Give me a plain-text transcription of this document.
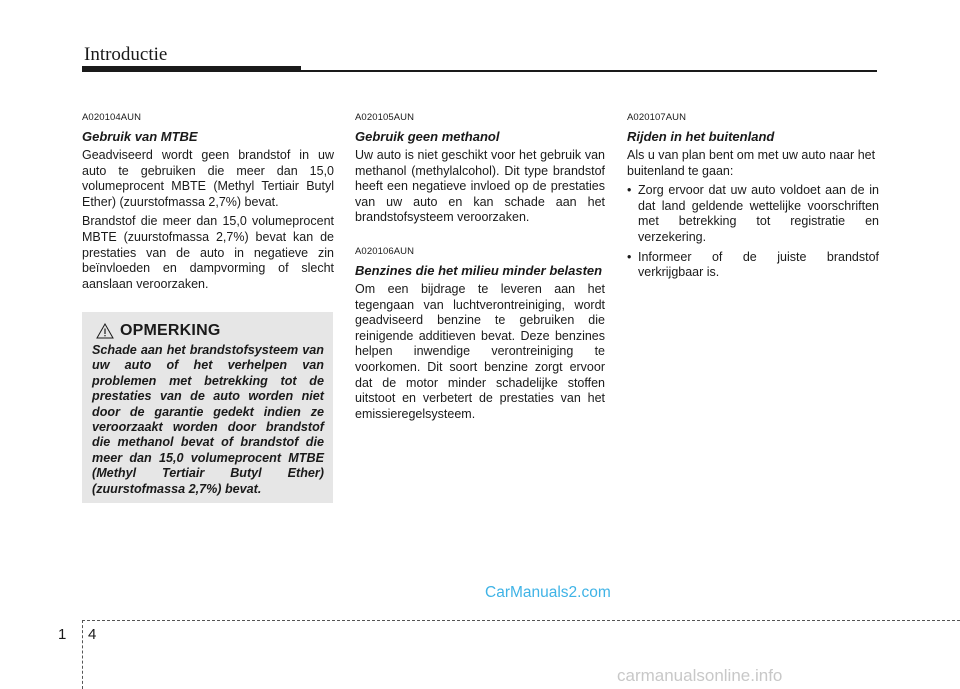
Introductie

A020104AUN

Gebruik van MTBE

Geadviseerd wordt geen brandstof in uw auto te gebruiken die meer dan 15,0 volumeprocent MBTE (Methyl Tertiair Butyl Ether) (zuurstofmassa 2,7%) bevat.

Brandstof die meer dan 15,0 volumeprocent MBTE (zuurstofmassa 2,7%) bevat kan de prestaties van de auto in negatieve zin beïnvloeden en dampvorming of slecht aanslaan veroorzaken.

OPMERKING
Schade aan het brandstofsysteem van uw auto of het verhelpen van problemen met betrekking tot de prestaties van de auto worden niet door de garantie gedekt indien ze veroorzaakt worden door brandstof die methanol bevat of brandstof die meer dan 15,0 volumeprocent MTBE (Methyl Tertiair Butyl Ether) (zuurstofmassa 2,7%) bevat.

A020105AUN

Gebruik geen methanol

Uw auto is niet geschikt voor het gebruik van methanol (methylalcohol). Dit type brandstof heeft een negatieve invloed op de prestaties van uw auto en kan schade aan het brandstofsysteem veroorzaken.

A020106AUN

Benzines die het milieu minder belasten

Om een bijdrage te leveren aan het tegengaan van luchtverontreiniging, wordt geadviseerd benzine te gebruiken die reinigende additieven bevat. Deze benzines helpen inwendige verontreiniging te voorkomen. Dit soort benzine zorgt ervoor dat de motor minder schadelijke stoffen uitstoot en verbetert de prestaties van het emissieregelsysteem.

A020107AUN

Rijden in het buitenland

Als u van plan bent om met uw auto naar het buitenland te gaan:

• Zorg ervoor dat uw auto voldoet aan de in dat land geldende wettelijke voorschriften met betrekking tot registratie en verzekering.
• Informeer of de juiste brandstof verkrijgbaar is.
CarManuals2.com
1 4
carmanualsonline.info
